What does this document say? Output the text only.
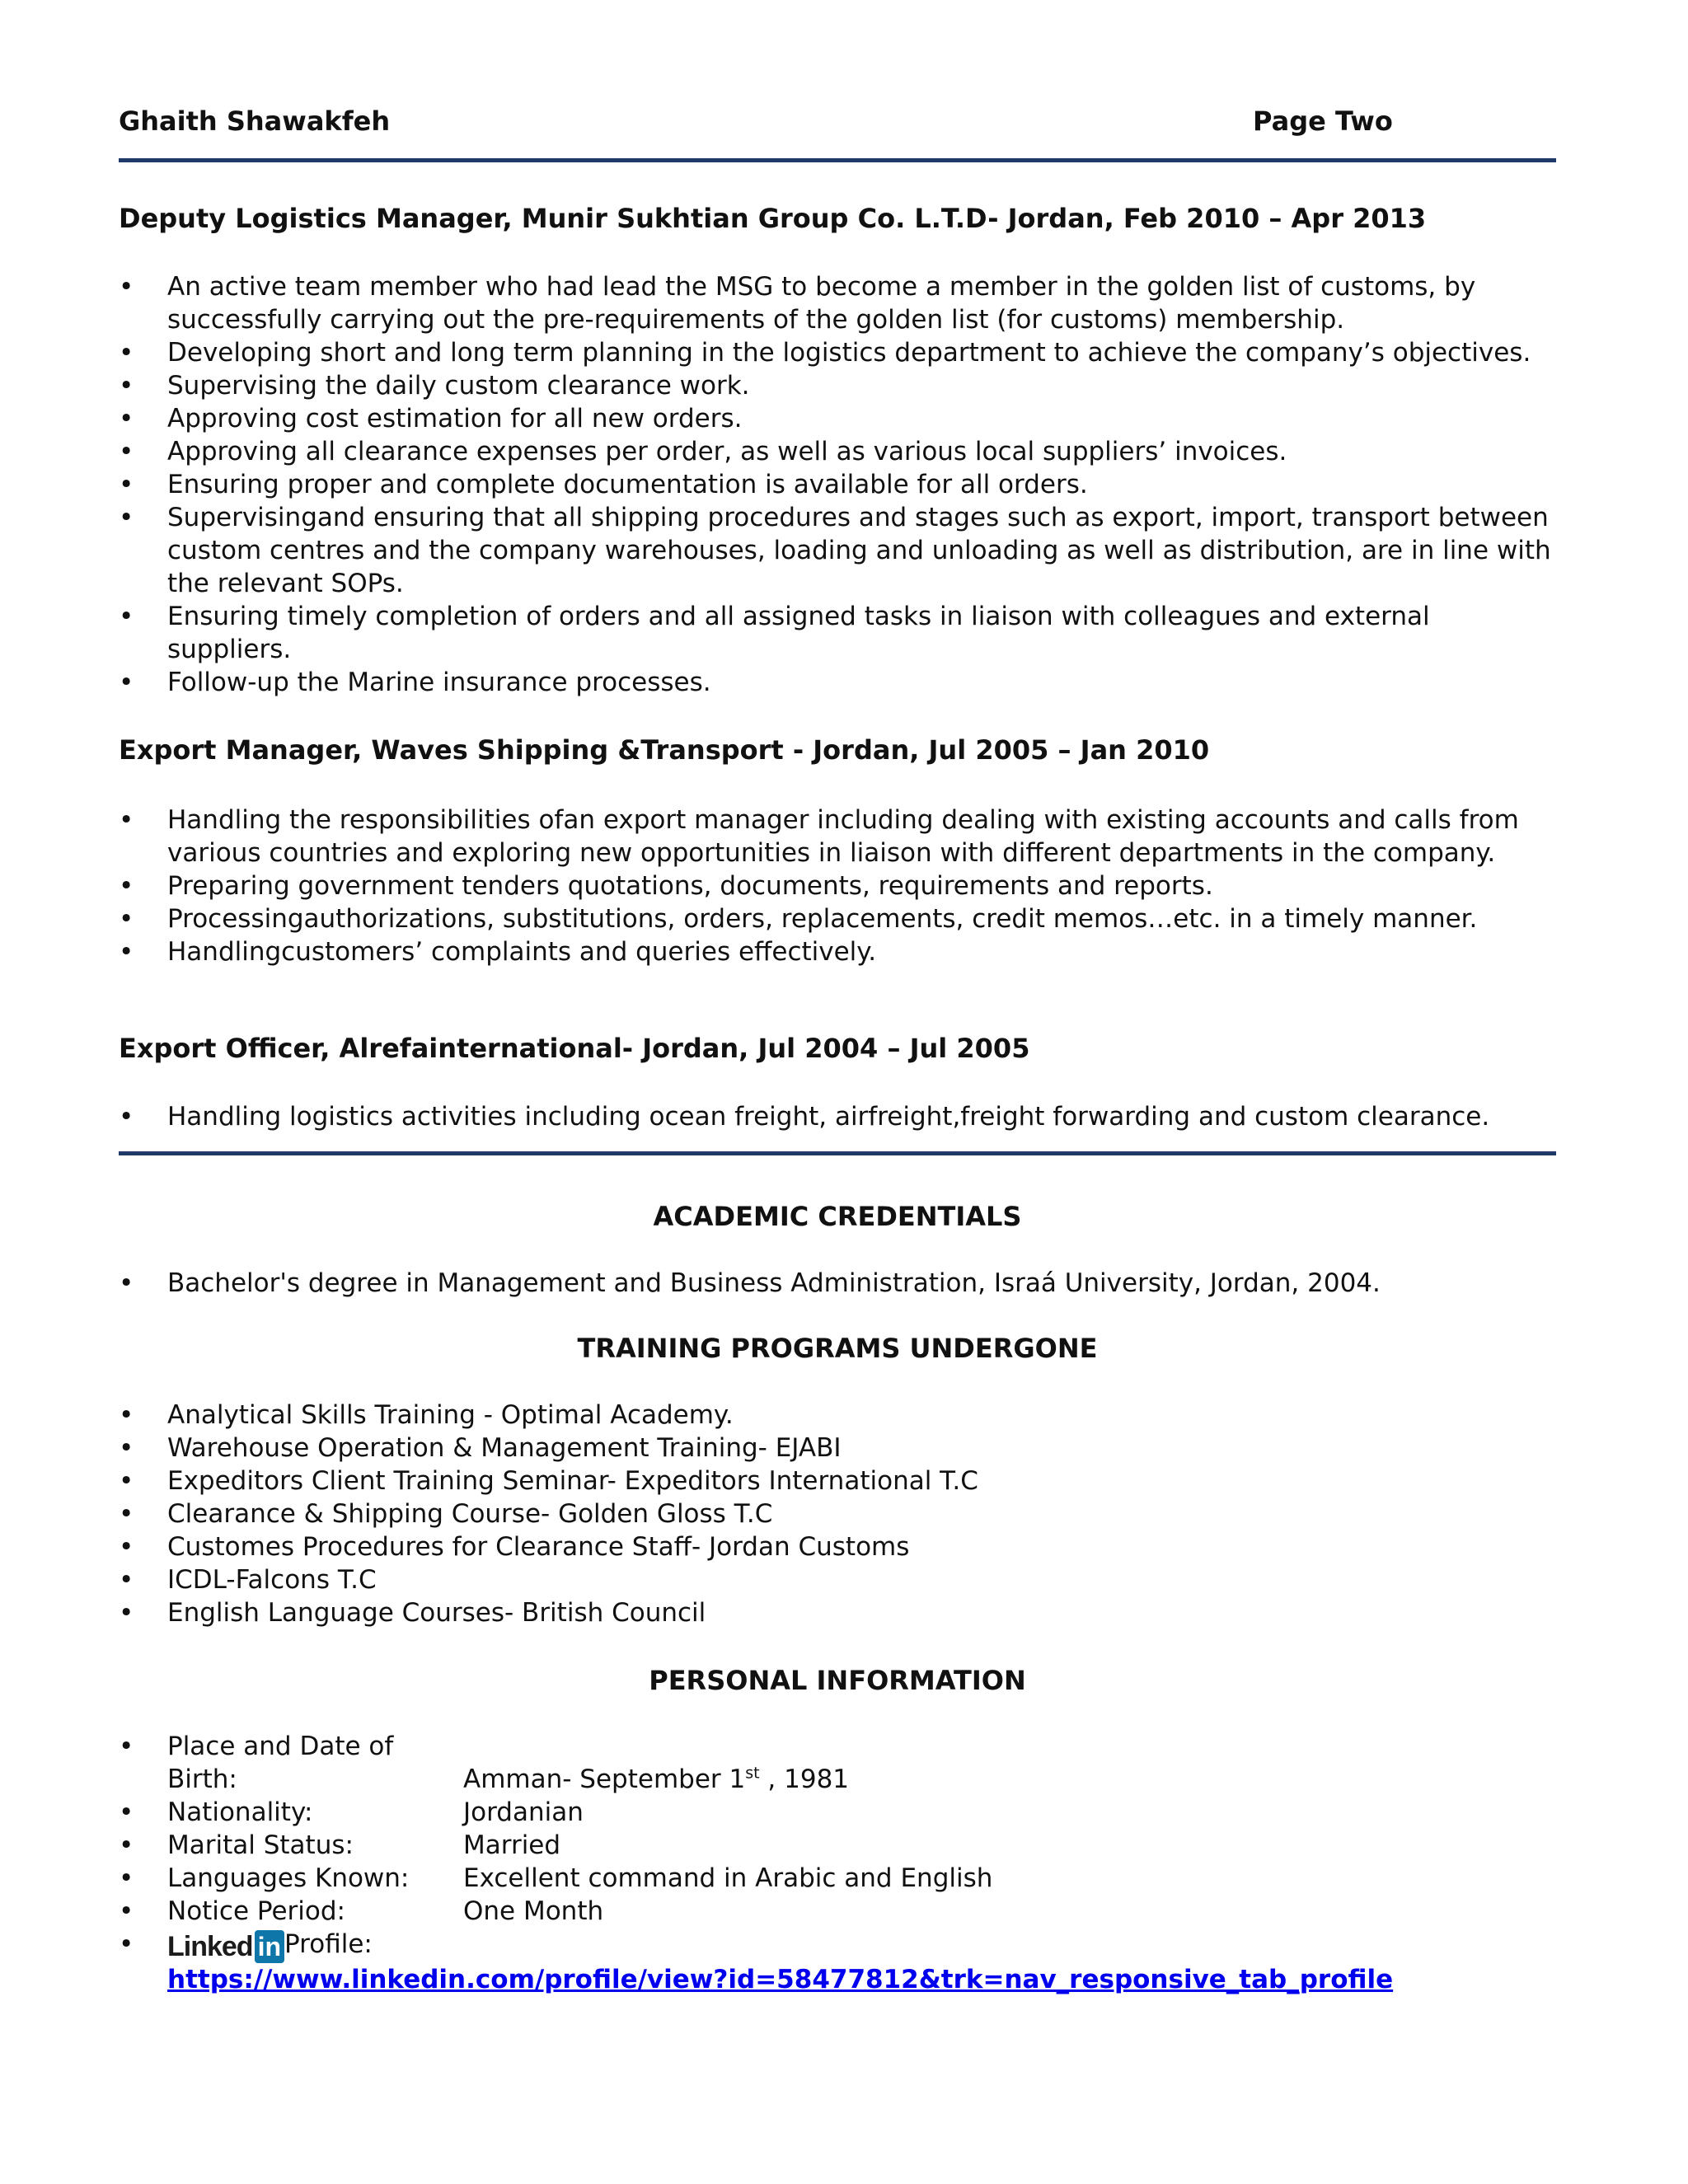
Ghaith Shawakfeh	Page Two
Deputy Logistics Manager, Munir Sukhtian Group Co. L.T.D- Jordan, Feb 2010 – Apr 2013
• An active team member who had lead the MSG to become a member in the golden list of customs, by successfully carrying out the pre-requirements of the golden list (for customs) membership.
• Developing short and long term planning in the logistics department to achieve the company’s objectives.
• Supervising the daily custom clearance work.
• Approving cost estimation for all new orders.
• Approving all clearance expenses per order, as well as various local suppliers’ invoices.
• Ensuring proper and complete documentation is available for all orders.
• Supervisingand ensuring that all shipping procedures and stages such as export, import, transport between custom centres and the company warehouses, loading and unloading as well as distribution, are in line with the relevant SOPs.
• Ensuring timely completion of orders and all assigned tasks in liaison with colleagues and external suppliers.
• Follow-up the Marine insurance processes.
Export Manager, Waves Shipping &Transport - Jordan, Jul 2005 – Jan 2010
• Handling the responsibilities ofan export manager including dealing with existing accounts and calls from various countries and exploring new opportunities in liaison with different departments in the company.
• Preparing government tenders quotations, documents, requirements and reports.
• Processingauthorizations, substitutions, orders, replacements, credit memos…etc. in a timely manner.
• Handlingcustomers’ complaints and queries effectively.
Export Officer, Alrefainternational- Jordan, Jul 2004 – Jul 2005
• Handling logistics activities including ocean freight, airfreight,freight forwarding and custom clearance.
ACADEMIC CREDENTIALS
• Bachelor's degree in Management and Business Administration, Israá University, Jordan, 2004.
TRAINING PROGRAMS UNDERGONE
• Analytical Skills Training - Optimal Academy.
• Warehouse Operation & Management Training- EJABI
• Expeditors Client Training Seminar- Expeditors International T.C
• Clearance & Shipping Course- Golden Gloss T.C
• Customes Procedures for Clearance Staff- Jordan Customs
• ICDL-Falcons T.C
• English Language Courses- British Council
PERSONAL INFORMATION
• Place and Date of Birth:	Amman- September 1st , 1981
• Nationality:	Jordanian
• Marital Status:	Married
• Languages Known: Excellent command in Arabic and English
• Notice Period:	One Month
• Linked in Profile:
https://www.linkedin.com/profile/view?id=58477812&trk=nav_responsive_tab_profile
